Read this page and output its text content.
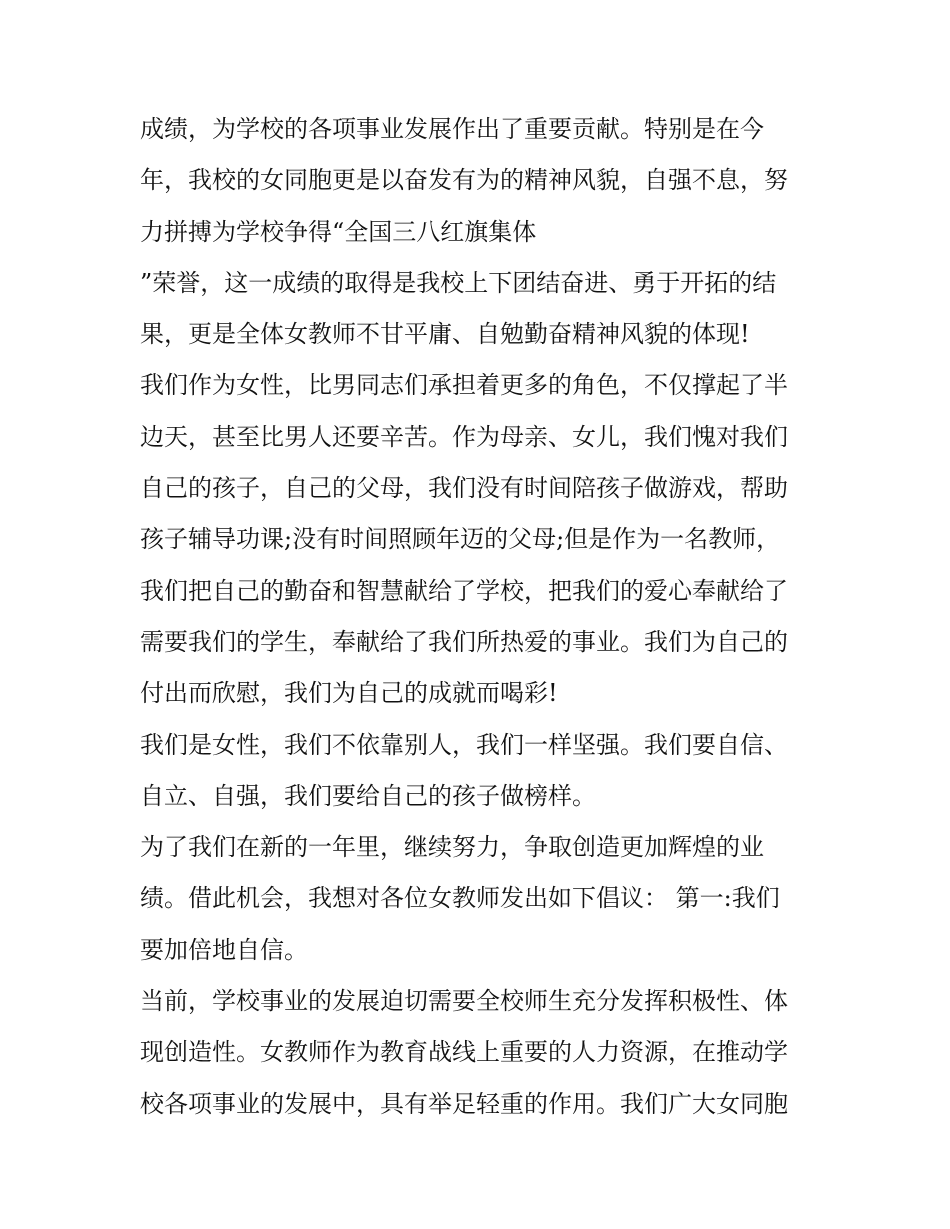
成绩，为学校的各项事业发展作出了重要贡献。特别是在今
年，我校的女同胞更是以奋发有为的精神风貌，自强不息，努
力拼搏为学校争得“全国三八红旗集体
”荣誉，这一成绩的取得是我校上下团结奋进、勇于开拓的结
果，更是全体女教师不甘平庸、自勉勤奋精神风貌的体现!
我们作为女性，比男同志们承担着更多的角色，不仅撑起了半
边天，甚至比男人还要辛苦。作为母亲、女儿，我们愧对我们
自己的孩子，自己的父母，我们没有时间陪孩子做游戏，帮助
孩子辅导功课;没有时间照顾年迈的父母;但是作为一名教师，
我们把自己的勤奋和智慧献给了学校，把我们的爱心奉献给了
需要我们的学生，奉献给了我们所热爱的事业。我们为自己的
付出而欣慰，我们为自己的成就而喝彩!
我们是女性，我们不依靠别人，我们一样坚强。我们要自信、
自立、自强，我们要给自己的孩子做榜样。
为了我们在新的一年里，继续努力，争取创造更加辉煌的业
绩。借此机会，我想对各位女教师发出如下倡议： 第一:我们
要加倍地自信。
当前，学校事业的发展迫切需要全校师生充分发挥积极性、体
现创造性。女教师作为教育战线上重要的人力资源，在推动学
校各项事业的发展中，具有举足轻重的作用。我们广大女同胞
